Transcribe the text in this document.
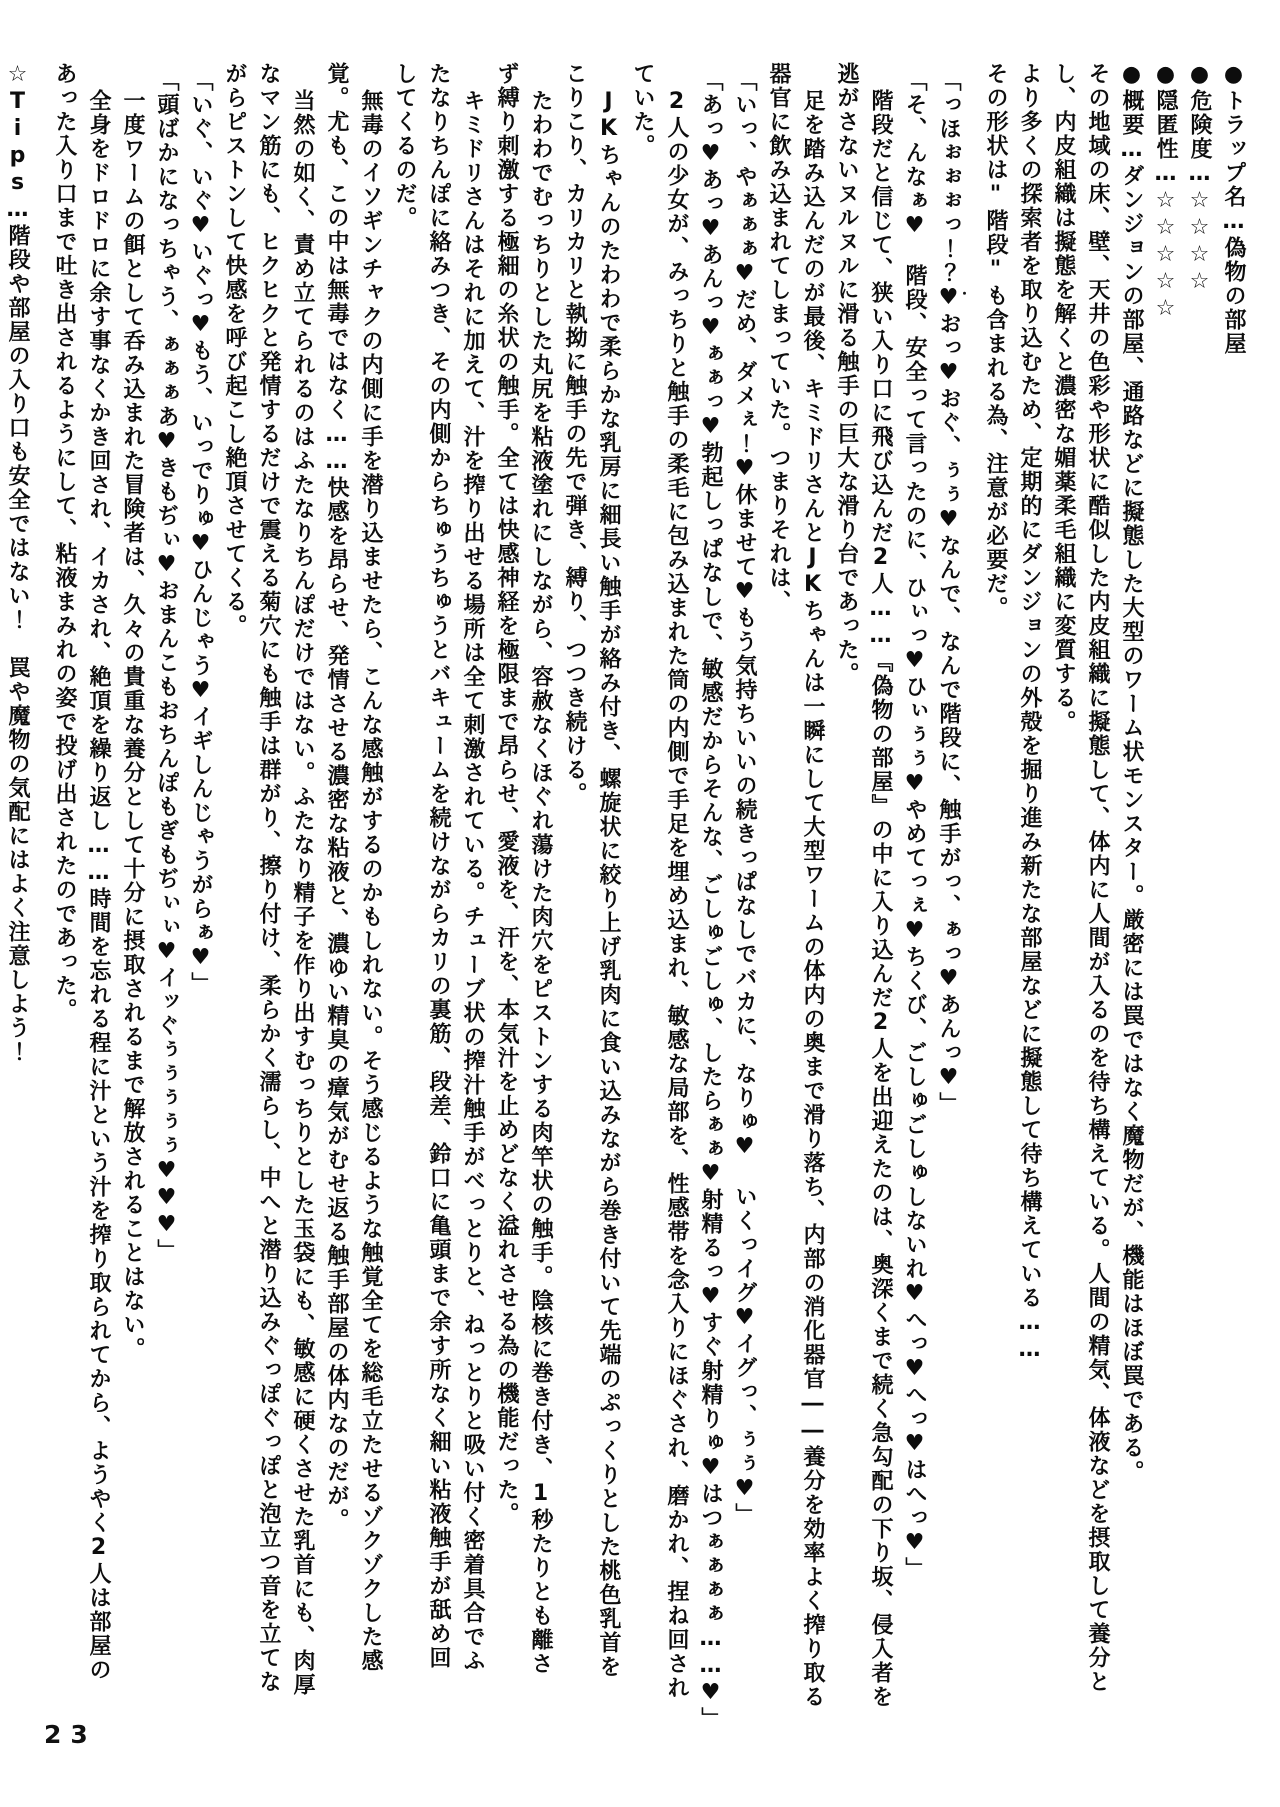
●トラップ名…偽物の部屋
●危険度…☆☆☆☆
●隠匿性…☆☆☆☆☆
●概要…ダンジョンの部屋、通路などに擬態した大型のワーム状モンスター。厳密には罠ではなく魔物だが、機能はほぼ罠である。
その地域の床、壁、天井の色彩や形状に酷似した内皮組織に擬態して、体内に人間が入るのを待ち構えている。人間の精気、体液などを摂取して養分と
し、内皮組織は擬態を解くと濃密な媚薬柔毛組織に変質する。
より多くの探索者を取り込むため、定期的にダンジョンの外殻を掘り進み新たな部屋などに擬態して待ち構えている……
その形状は"階段"も含まれる為、注意が必要だ。
「っほぉぉぉっ！？♥おっ♥おぐ、ぅぅ♥なんで、なんで階段に、触手がっ、ぁっ♥あんっ♥」
「そ、んなぁ♥　階段、安全って言ったのに、ひぃっ♥ひぃぅぅ♥やめてっぇ♥ちくび、ごしゅごしゅしないれ♥へっ♥へっ♥はへっ♥」
階段だと信じて、狭い入り口に飛び込んだ2人……『偽物の部屋』の中に入り込んだ2人を出迎えたのは、奥深くまで続く急勾配の下り坂、侵入者を
逃がさないヌルヌルに滑る触手の巨大な滑り台であった。
足を踏み込んだのが最後、キミドリさんとJKちゃんは一瞬にして大型ワームの体内の奥まで滑り落ち、内部の消化器官――養分を効率よく搾り取る
器官に飲み込まれてしまっていた。つまりそれは、
「いっ、やぁぁぁ♥だめ、ダメぇ！♥休ませて♥もう気持ちいいの続きっぱなしでバカに、なりゅ♥　いくっイグ♥イグっ、ぅぅ♥」
「あっ♥あっ♥あんっ♥ぁぁっ♥勃起しっぱなしで、敏感だからそんな、ごしゅごしゅ、したらぁぁ♥射精るっ♥すぐ射精りゅ♥はつぁぁぁぁ……♥」
2人の少女が、みっちりと触手の柔毛に包み込まれた筒の内側で手足を埋め込まれ、敏感な局部を、性感帯を念入りにほぐされ、磨かれ、捏ね回され
ていた。
JKちゃんのたわわで柔らかな乳房に細長い触手が絡み付き、螺旋状に絞り上げ乳肉に食い込みながら巻き付いて先端のぷっくりとした桃色乳首を
こりこり、カリカリと執拗に触手の先で弾き、縛り、つつき続ける。
たわわでむっちりとした丸尻を粘液塗れにしながら、容赦なくほぐれ蕩けた肉穴をピストンする肉竿状の触手。陰核に巻き付き、1秒たりとも離さ
ず縛り刺激する極細の糸状の触手。全ては快感神経を極限まで昂らせ、愛液を、汗を、本気汁を止めどなく溢れさせる為の機能だった。
キミドリさんはそれに加えて、汁を搾り出せる場所は全て刺激されている。チューブ状の搾汁触手がべっとりと、ねっとりと吸い付く密着具合でふ
たなりちんぽに絡みつき、その内側からちゅうちゅうとバキュームを続けながらカリの裏筋、段差、鈴口に亀頭まで余す所なく細い粘液触手が舐め回
してくるのだ。
無毒のイソギンチャクの内側に手を潜り込ませたら、こんな感触がするのかもしれない。そう感じるような触覚全てを総毛立たせるゾクゾクした感
覚。尤も、この中は無毒ではなく……快感を昂らせ、発情させる濃密な粘液と、濃ゆい精臭の瘴気がむせ返る触手部屋の体内なのだが。
当然の如く、責め立てられるのはふたなりちんぽだけではない。ふたなり精子を作り出すむっちりとした玉袋にも、敏感に硬くさせた乳首にも、肉厚
なマン筋にも、ヒクヒクと発情するだけで震える菊穴にも触手は群がり、擦り付け、柔らかく濡らし、中へと潜り込みぐっぽぐっぽと泡立つ音を立てな
がらピストンして快感を呼び起こし絶頂させてくる。
「いぐ、いぐ♥いぐっ♥もう、いっでりゅ♥ひんじゃう♥イギしんじゃうがらぁ♥」
「頭ばかになっちゃう、ぁぁぁあ♥きもぢぃ♥おまんこもおちんぽもぎもぢぃぃ♥イッぐぅぅぅぅぅ♥♥♥」
一度ワームの餌として呑み込まれた冒険者は、久々の貴重な養分として十分に摂取されるまで解放されることはない。
全身をドロドロに余す事なくかき回され、イカされ、絶頂を繰り返し……時間を忘れる程に汁という汁を搾り取られてから、ようやく2人は部屋の
あった入り口まで吐き出されるようにして、粘液まみれの姿で投げ出されたのであった。
☆Tips…階段や部屋の入り口も安全ではない！　罠や魔物の気配にはよく注意しよう！	・
23
